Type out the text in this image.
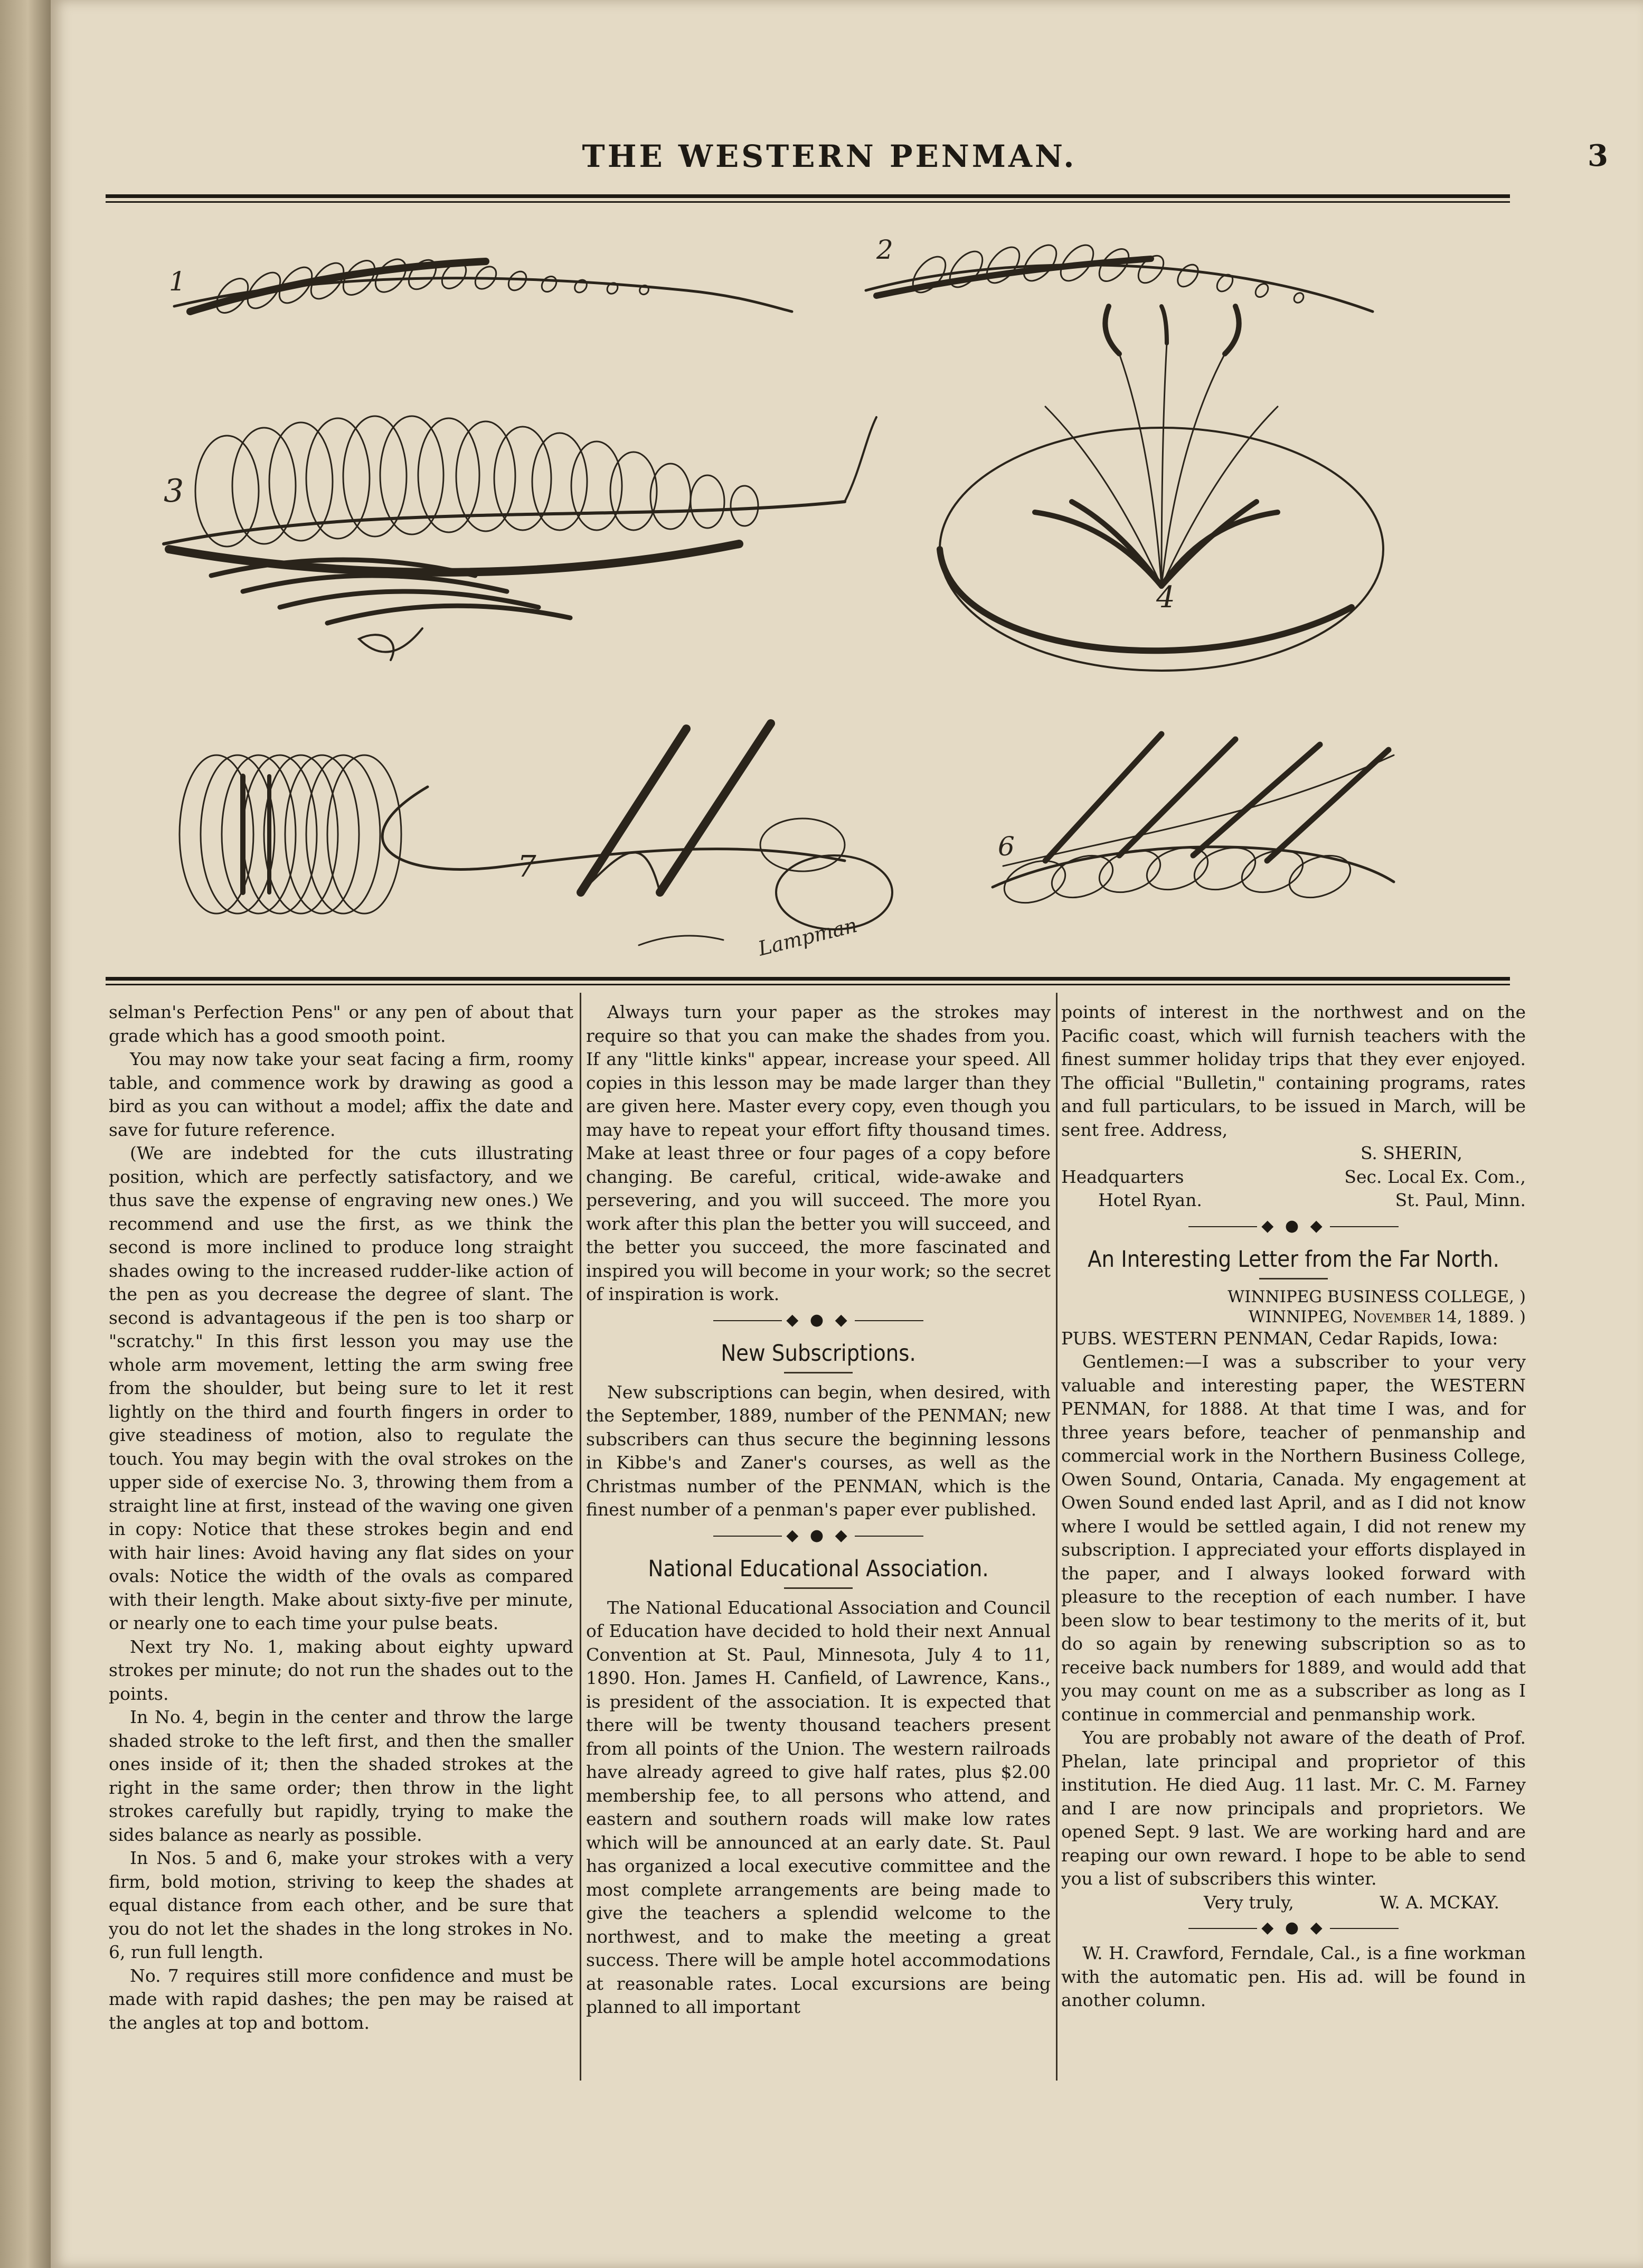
THE WESTERN PENMAN.	3
1
2
3
4
6
7
Lampman

selman's Perfection Pens" or any pen of about that grade which has a good smooth point.

You may now take your seat facing a firm, roomy table, and commence work by drawing as good a bird as you can without a model; affix the date and save for future reference.

(We are indebted for the cuts illustrating position, which are perfectly satisfactory, and we thus save the expense of engraving new ones.) We recommend and use the first, as we think the second is more inclined to produce long straight shades owing to the increased rudder-like action of the pen as you decrease the degree of slant. The second is advantageous if the pen is too sharp or "scratchy." In this first lesson you may use the whole arm movement, letting the arm swing free from the shoulder, but being sure to let it rest lightly on the third and fourth fingers in order to give steadiness of motion, also to regulate the touch. You may begin with the oval strokes on the upper side of exercise No. 3, throwing them from a straight line at first, instead of the waving one given in copy: Notice that these strokes begin and end with hair lines: Avoid having any flat sides on your ovals: Notice the width of the ovals as compared with their length. Make about sixty-five per minute, or nearly one to each time your pulse beats.

Next try No. 1, making about eighty upward strokes per minute; do not run the shades out to the points.

In No. 4, begin in the center and throw the large shaded stroke to the left first, and then the smaller ones inside of it; then the shaded strokes at the right in the same order; then throw in the light strokes carefully but rapidly, trying to make the sides balance as nearly as possible.

In Nos. 5 and 6, make your strokes with a very firm, bold motion, striving to keep the shades at equal distance from each other, and be sure that you do not let the shades in the long strokes in No. 6, run full length.

No. 7 requires still more confidence and must be made with rapid dashes; the pen may be raised at the angles at top and bottom.

Always turn your paper as the strokes may require so that you can make the shades from you. If any "little kinks" appear, increase your speed. All copies in this lesson may be made larger than they are given here. Master every copy, even though you may have to repeat your effort fifty thousand times. Make at least three or four pages of a copy before changing. Be careful, critical, wide-awake and persevering, and you will succeed. The more you work after this plan the better you will succeed, and the better you succeed, the more fascinated and inspired you will become in your work; so the secret of inspiration is work.

◆ ● ◆
New Subscriptions.

New subscriptions can begin, when desired, with the September, 1889, number of the PENMAN; new subscribers can thus secure the beginning lessons in Kibbe's and Zaner's courses, as well as the Christmas number of the PENMAN, which is the finest number of a penman's paper ever published.

◆ ● ◆
National Educational Association.

The National Educational Association and Council of Education have decided to hold their next Annual Convention at St. Paul, Minnesota, July 4 to 11, 1890. Hon. James H. Canfield, of Lawrence, Kans., is president of the association. It is expected that there will be twenty thousand teachers present from all points of the Union. The western railroads have already agreed to give half rates, plus $2.00 membership fee, to all persons who attend, and eastern and southern roads will make low rates which will be announced at an early date. St. Paul has organized a local executive committee and the most complete arrangements are being made to give the teachers a splendid welcome to the northwest, and to make the meeting a great success. There will be ample hotel accommodations at reasonable rates. Local excursions are being planned to all important

points of interest in the northwest and on the Pacific coast, which will furnish teachers with the finest summer holiday trips that they ever enjoyed. The official "Bulletin," containing programs, rates and full particulars, to be issued in March, will be sent free. Address,

S. SHERIN,

Headquarters	Sec. Local Ex. Com.,
Hotel Ryan.	St. Paul, Minn.
◆ ● ◆
An Interesting Letter from the Far North.
WINNIPEG BUSINESS COLLEGE, )
WINNIPEG, November 14, 1889. )

PUBS. WESTERN PENMAN, Cedar Rapids, Iowa:

Gentlemen:—I was a subscriber to your very valuable and interesting paper, the WESTERN PENMAN, for 1888. At that time I was, and for three years before, teacher of penmanship and commercial work in the Northern Business College, Owen Sound, Ontaria, Canada. My engagement at Owen Sound ended last April, and as I did not know where I would be settled again, I did not renew my subscription. I appreciated your efforts displayed in the paper, and I always looked forward with pleasure to the reception of each number. I have been slow to bear testimony to the merits of it, but do so again by renewing subscription so as to receive back numbers for 1889, and would add that you may count on me as a subscriber as long as I continue in commercial and penmanship work.

You are probably not aware of the death of Prof. Phelan, late principal and proprietor of this institution. He died Aug. 11 last. Mr. C. M. Farney and I are now principals and proprietors. We opened Sept. 9 last. We are working hard and are reaping our own reward. I hope to be able to send you a list of subscribers this winter.

Very truly,	W. A. MCKAY.
◆ ● ◆

W. H. Crawford, Ferndale, Cal., is a fine workman with the automatic pen. His ad. will be found in another column.
